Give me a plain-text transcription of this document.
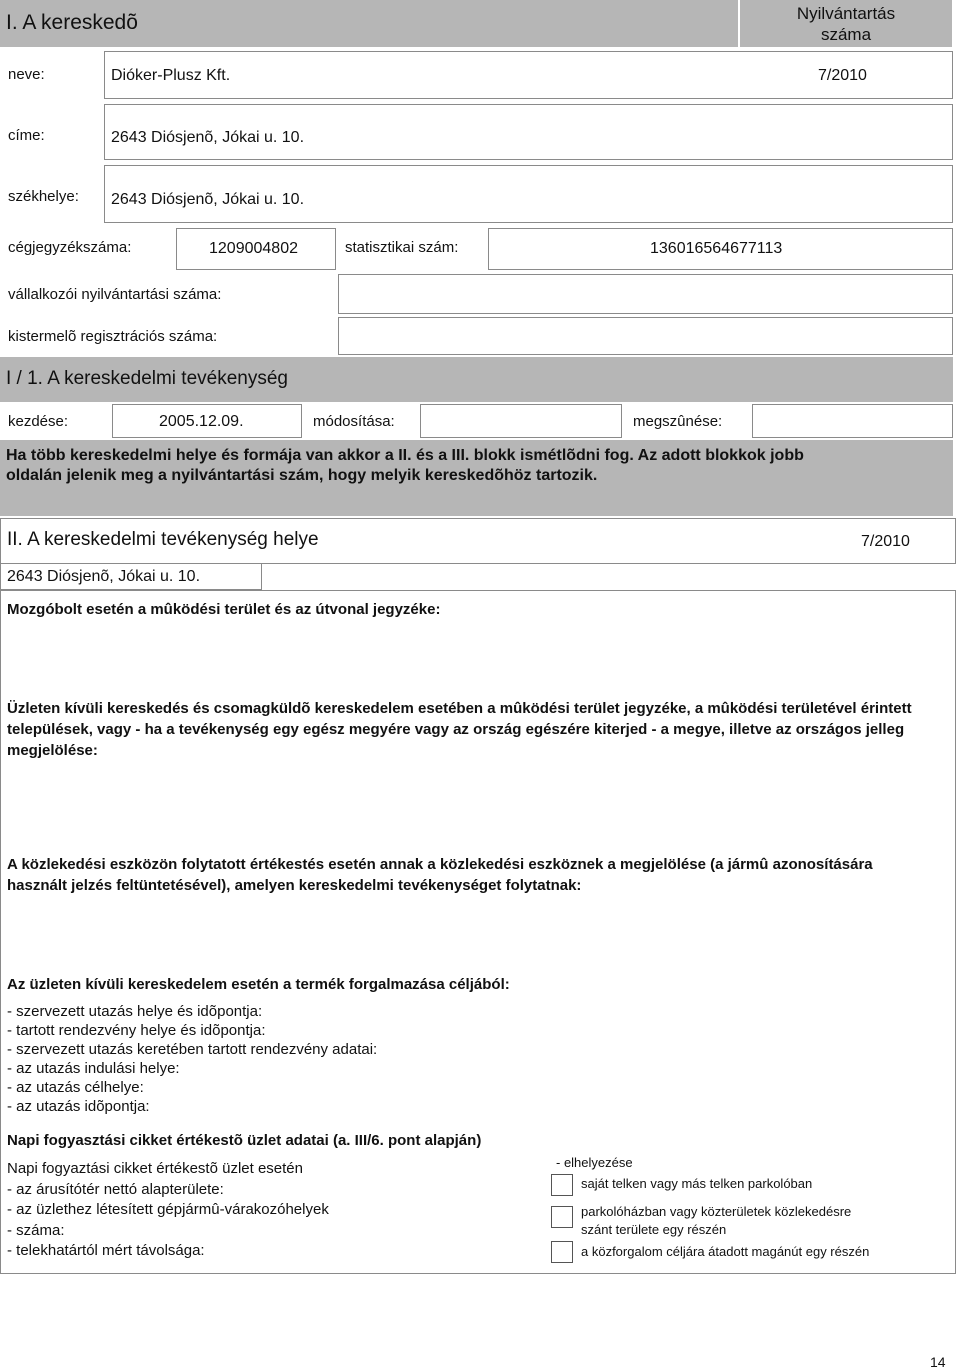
I. A kereskedõ	Nyilvántartás
száma
neve:	Dióker-Plusz Kft.	7/2010
címe:	2643 Diósjenõ, Jókai u. 10.
székhelye: 2643 Diósjenõ, Jókai u. 10.
cégjegyzékszáma:	1209004802	statisztikai szám:	136016564677113
vállalkozói nyilvántartási száma:
kistermelõ regisztrációs száma:
I / 1. A kereskedelmi tevékenység
kezdése:	2005.12.09.	módosítása:	megszûnése:
Ha több kereskedelmi helye és formája van akkor a II. és a III. blokk ismétlõdni fog. Az adott blokkok jobb oldalán jelenik meg a nyilvántartási szám, hogy melyik kereskedõhöz tartozik.
II. A kereskedelmi tevékenység helye	7/2010
2643 Diósjenõ, Jókai u. 10.
Mozgóbolt esetén a mûködési terület és az útvonal jegyzéke:
Üzleten kívüli kereskedés és csomagküldõ kereskedelem esetében a mûködési terület jegyzéke, a mûködési területével érintett települések, vagy - ha a tevékenység egy egész megyére vagy az ország egészére kiterjed - a megye, illetve az országos jelleg megjelölése:
A közlekedési eszközön folytatott értékestés esetén annak a közlekedési eszköznek a megjelölése (a jármû azonosítására használt jelzés feltüntetésével), amelyen kereskedelmi tevékenységet folytatnak:
Az üzleten kívüli kereskedelem esetén a termék forgalmazása céljából:
- szervezett utazás helye és idõpontja:
- tartott rendezvény helye és idõpontja:
- szervezett utazás keretében tartott rendezvény adatai:
- az utazás indulási helye:
- az utazás célhelye:
- az utazás idõpontja:
Napi fogyasztási cikket értékestõ üzlet adatai (a. III/6. pont alapján)
Napi fogyaztási cikket értékestõ üzlet esetén
- az árusítótér nettó alapterülete:
- az üzlethez létesített gépjármû-várakozóhelyek
- száma:
- telekhatártól mért távolsága:
- elhelyezése
saját telken vagy más telken parkolóban
parkolóházban vagy közterületek közlekedésre
szánt területe egy részén
a közforgalom céljára átadott magánút egy részén
14
